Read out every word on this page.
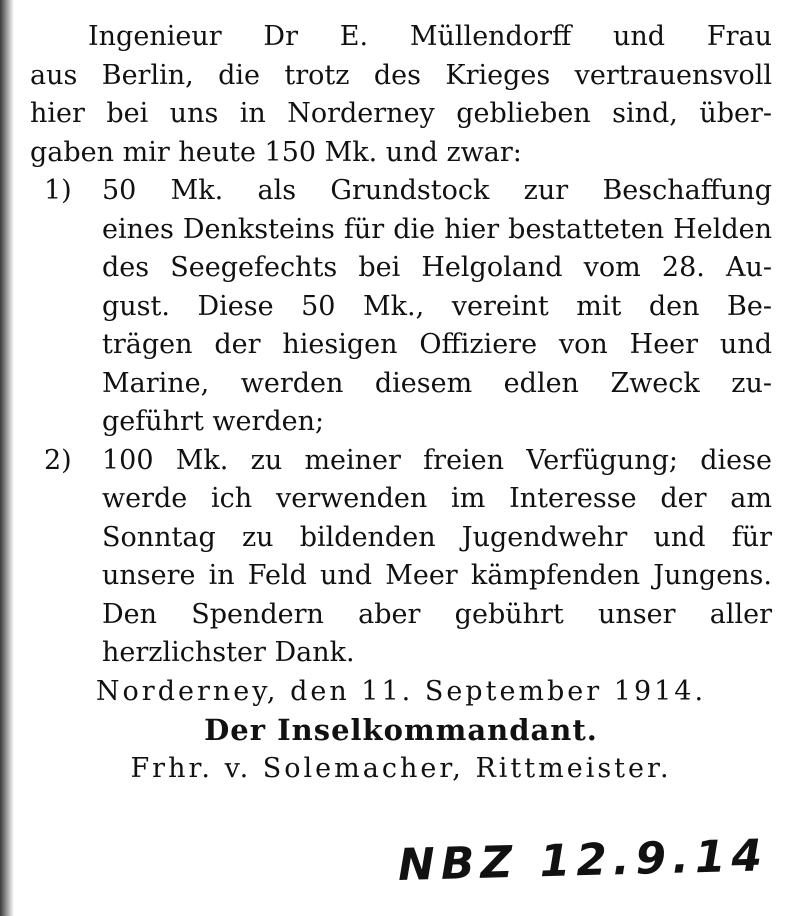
Ingenieur Dr E. Müllendorff und Frau
aus Berlin, die trotz des Krieges vertrauensvoll
hier bei uns in Norderney geblieben sind, über-
gaben mir heute 150 Mk. und zwar:
1) 50 Mk. als Grundstock zur Beschaffung
eines Denksteins für die hier bestatteten Helden
des Seegefechts bei Helgoland vom 28. Au-
gust. Diese 50 Mk., vereint mit den Be-
trägen der hiesigen Offiziere von Heer und
Marine, werden diesem edlen Zweck zu-
geführt werden;
2) 100 Mk. zu meiner freien Verfügung; diese
werde ich verwenden im Interesse der am
Sonntag zu bildenden Jugendwehr und für
unsere in Feld und Meer kämpfenden Jungens.
Den Spendern aber gebührt unser aller
herzlichster Dank.
Norderney, den 11. September 1914.
Der Inselkommandant.
Frhr. v. Solemacher, Rittmeister.
NBZ 12.9.14
